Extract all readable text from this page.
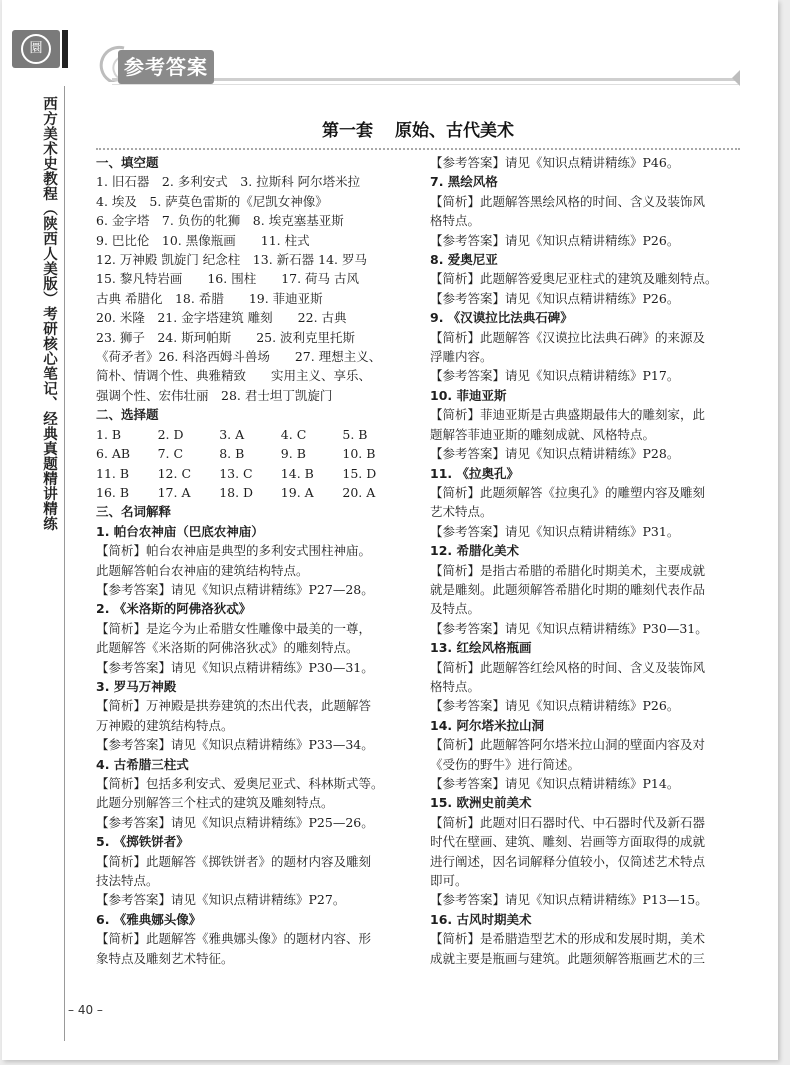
圜
西方美术史教程（陕西人美版）考研核心笔记、经典真题精讲精练
参考答案
第一套 原始、古代美术

一、填空题

1. 旧石器　2. 多利安式　3. 拉斯科 阿尔塔米拉

4. 埃及　5. 萨莫色雷斯的《尼凯女神像》

6. 金字塔　7. 负伤的牝狮　8. 埃克塞基亚斯

9. 巴比伦　10. 黑像瓶画　　11. 柱式

12. 万神殿 凯旋门 纪念柱　13. 新石器 14. 罗马

15. 黎凡特岩画　　16. 围柱　　17. 荷马 古风

古典 希腊化　18. 希腊　　19. 菲迪亚斯

20. 米隆　21. 金字塔建筑 雕刻　　22. 古典

23. 狮子　24. 斯珂帕斯　　25. 波利克里托斯

《荷矛者》26. 科洛西姆斗兽场　　27. 理想主义、

简朴、情调个性、典雅精致　　实用主义、享乐、

强调个性、宏伟壮丽　28. 君士坦丁凯旋门

二、选择题

1. B	2. D	3. A	4. C	5. B
6. AB	7. C	8. B	9. B	10. B
11. B	12. C	13. C	14. B	15. D
16. B	17. A	18. D	19. A	20. A

三、名词解释

1. 帕台农神庙（巴底农神庙）

【简析】帕台农神庙是典型的多利安式围柱神庙。

此题解答帕台农神庙的建筑结构特点。

【参考答案】请见《知识点精讲精练》P27—28。

2. 《米洛斯的阿佛洛狄忒》

【简析】是迄今为止希腊女性雕像中最美的一尊，

此题解答《米洛斯的阿佛洛狄忒》的雕刻特点。

【参考答案】请见《知识点精讲精练》P30—31。

3. 罗马万神殿

【简析】万神殿是拱券建筑的杰出代表，此题解答

万神殿的建筑结构特点。

【参考答案】请见《知识点精讲精练》P33—34。

4. 古希腊三柱式

【简析】包括多利安式、爱奥尼亚式、科林斯式等。

此题分别解答三个柱式的建筑及雕刻特点。

【参考答案】请见《知识点精讲精练》P25—26。

5. 《掷铁饼者》

【简析】此题解答《掷铁饼者》的题材内容及雕刻

技法特点。

【参考答案】请见《知识点精讲精练》P27。

6. 《雅典娜头像》

【简析】此题解答《雅典娜头像》的题材内容、形

象特点及雕刻艺术特征。

【参考答案】请见《知识点精讲精练》P46。

7. 黑绘风格

【简析】此题解答黑绘风格的时间、含义及装饰风

格特点。

【参考答案】请见《知识点精讲精练》P26。

8. 爱奥尼亚

【简析】此题解答爱奥尼亚柱式的建筑及雕刻特点。

【参考答案】请见《知识点精讲精练》P26。

9. 《汉谟拉比法典石碑》

【简析】此题解答《汉谟拉比法典石碑》的来源及

浮雕内容。

【参考答案】请见《知识点精讲精练》P17。

10. 菲迪亚斯

【简析】菲迪亚斯是古典盛期最伟大的雕刻家，此

题解答菲迪亚斯的雕刻成就、风格特点。

【参考答案】请见《知识点精讲精练》P28。

11. 《拉奥孔》

【简析】此题须解答《拉奥孔》的雕塑内容及雕刻

艺术特点。

【参考答案】请见《知识点精讲精练》P31。

12. 希腊化美术

【简析】是指古希腊的希腊化时期美术，主要成就

就是雕刻。此题须解答希腊化时期的雕刻代表作品

及特点。

【参考答案】请见《知识点精讲精练》P30—31。

13. 红绘风格瓶画

【简析】此题解答红绘风格的时间、含义及装饰风

格特点。

【参考答案】请见《知识点精讲精练》P26。

14. 阿尔塔米拉山洞

【简析】此题解答阿尔塔米拉山洞的壁面内容及对

《受伤的野牛》进行简述。

【参考答案】请见《知识点精讲精练》P14。

15. 欧洲史前美术

【简析】此题对旧石器时代、中石器时代及新石器

时代在壁画、建筑、雕刻、岩画等方面取得的成就

进行阐述，因名词解释分值较小，仅简述艺术特点

即可。

【参考答案】请见《知识点精讲精练》P13—15。

16. 古风时期美术

【简析】是希腊造型艺术的形成和发展时期，美术

成就主要是瓶画与建筑。此题须解答瓶画艺术的三

– 40 –
